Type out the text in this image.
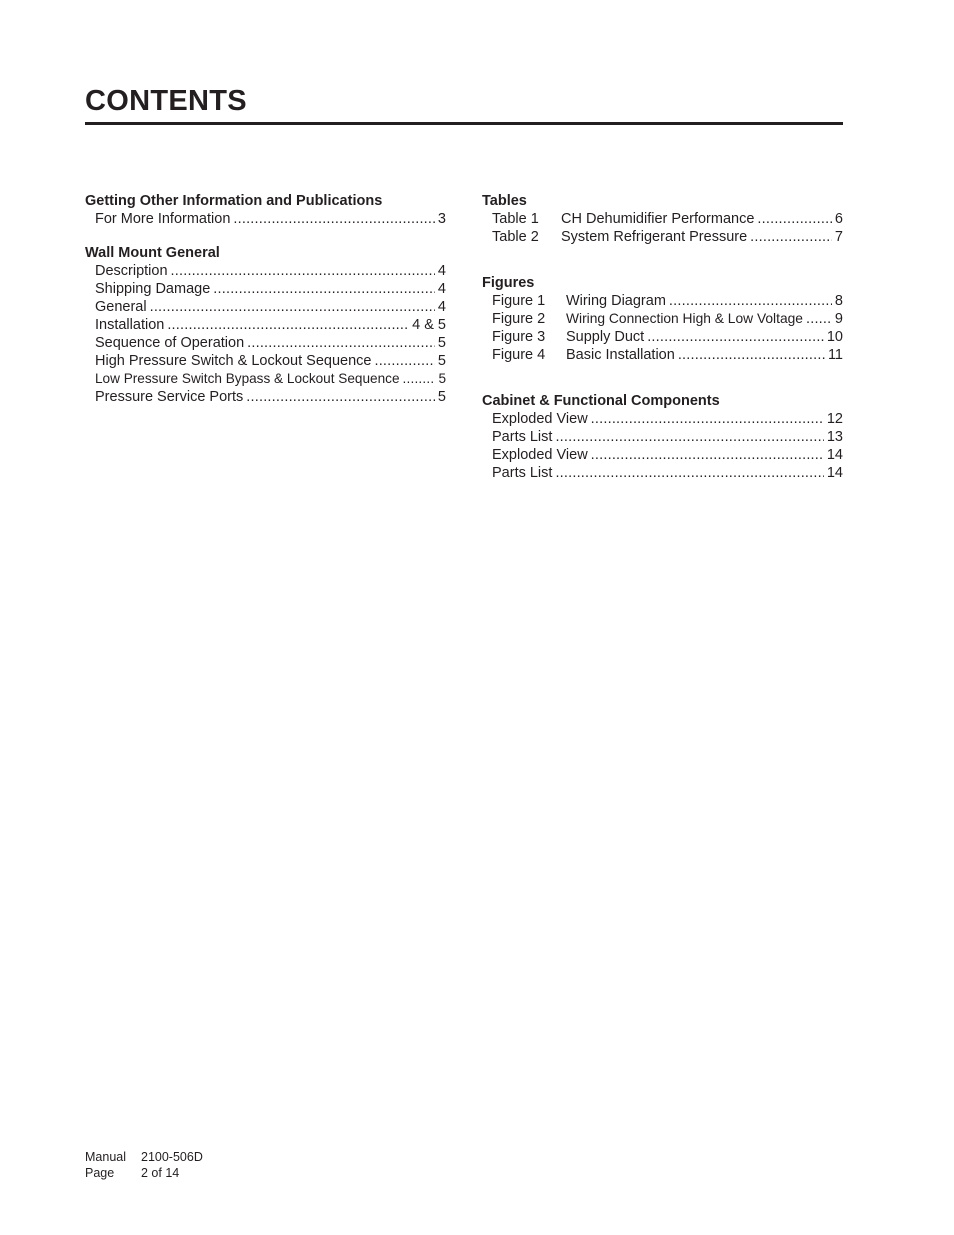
CONTENTS
Getting Other Information and Publications
For More Information .....	3
Wall Mount General
Description .....	4
Shipping Damage .....	4
General .....	4
Installation .....	4 & 5
Sequence of Operation .....	5
High Pressure Switch & Lockout Sequence .....	5
Low Pressure Switch Bypass & Lockout Sequence .....	5
Pressure Service Ports .....	5
Tables
Table 1	CH Dehumidifier Performance .....	6
Table 2	System Refrigerant Pressure .....	7
Figures
Figure 1	Wiring Diagram .....	8
Figure 2	Wiring Connection High & Low Voltage ..... 9
Figure 3	Supply Duct .....	10
Figure 4	Basic Installation .....	11
Cabinet & Functional Components
Exploded View .....	12
Parts List .....	13
Exploded View .....	14
Parts List .....	14
Manual	2100-506D
Page	2 of 14
